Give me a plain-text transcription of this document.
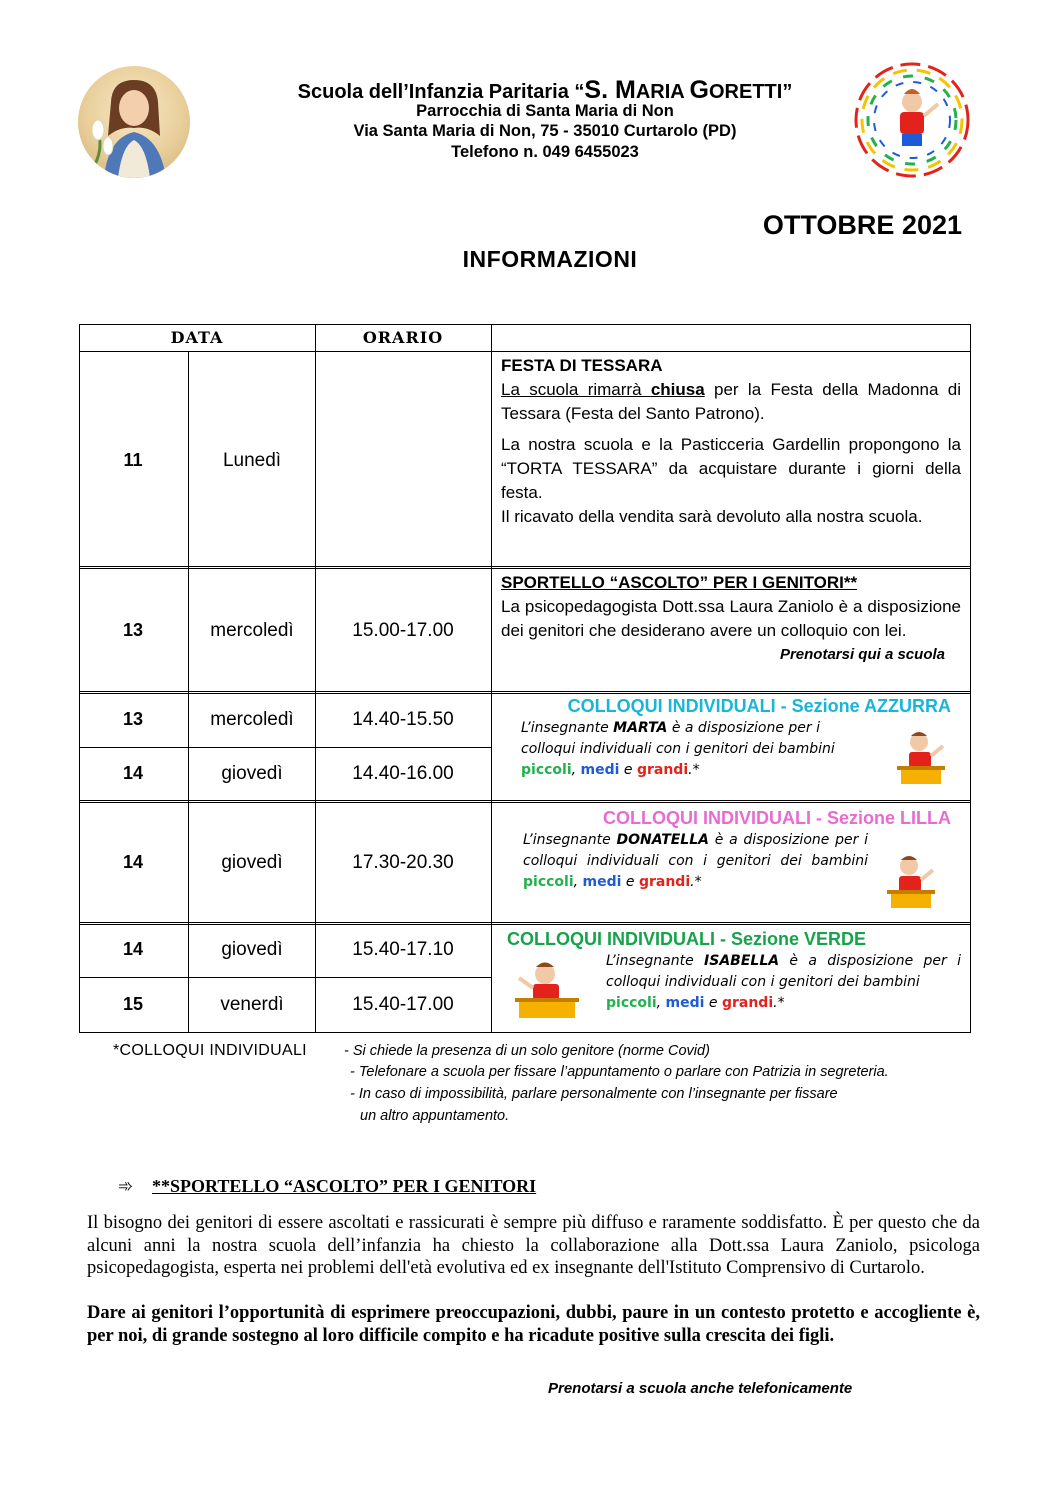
Scuola dell’Infanzia Paritaria “S. MARIA GORETTI”
Parrocchia di Santa Maria di Non
Via Santa Maria di Non, 75 - 35010 Curtarolo (PD)
Telefono n. 049 6455023
OTTOBRE 2021
INFORMAZIONI
DATA	ORARIO
11	Lunedì

FESTA DI TESSARA

La scuola rimarrà chiusa per la Festa della Madonna di Tessara (Festa del Santo Patrono).

La nostra scuola e la Pasticceria Gardellin propongono la “TORTA TESSARA” da acquistare durante i giorni della festa.

Il ricavato della vendita sarà devoluto alla nostra scuola.

13	mercoledì	15.00-17.00

SPORTELLO “ASCOLTO” PER I GENITORI**

La psicopedagogista Dott.ssa Laura Zaniolo è a disposizione dei genitori che desiderano avere un colloquio con lei.

Prenotarsi qui a scuola

13	mercoledì	14.40-15.50
14	giovedì	14.40-16.00
COLLOQUI INDIVIDUALI - Sezione AZZURRA
L’insegnante MARTA è a disposizione per i colloqui individuali con i genitori dei bambini
piccoli, medi e grandi.*
14	giovedì	17.30-20.30
COLLOQUI INDIVIDUALI - Sezione LILLA
L’insegnante DONATELLA è a disposizione per i colloqui individuali con i genitori dei bambini piccoli, medi e grandi.*
14	giovedì	15.40-17.10
15	venerdì	15.40-17.00
COLLOQUI INDIVIDUALI - Sezione VERDE
L’insegnante ISABELLA è a disposizione per i colloqui individuali con i genitori dei bambini
piccoli, medi e grandi.*
*COLLOQUI INDIVIDUALI	- Si chiede la presenza di un solo genitore (norme Covid)
- Telefonare a scuola per fissare l’appuntamento o parlare con Patrizia in segreteria.
- In caso di impossibilità, parlare personalmente con l’insegnante per fissare
un altro appuntamento.
➾ **SPORTELLO “ASCOLTO” PER I GENITORI
Il bisogno dei genitori di essere ascoltati e rassicurati è sempre più diffuso e raramente soddisfatto. È per questo che da alcuni anni la nostra scuola dell’infanzia ha chiesto la collaborazione alla Dott.ssa Laura Zaniolo, psicologa psicopedagogista, esperta nei problemi dell'età evolutiva ed ex insegnante dell'Istituto Comprensivo di Curtarolo.
Dare ai genitori l’opportunità di esprimere preoccupazioni, dubbi, paure in un contesto protetto e accogliente è, per noi, di grande sostegno al loro difficile compito e ha ricadute positive sulla crescita dei figli.
Prenotarsi a scuola anche telefonicamente
